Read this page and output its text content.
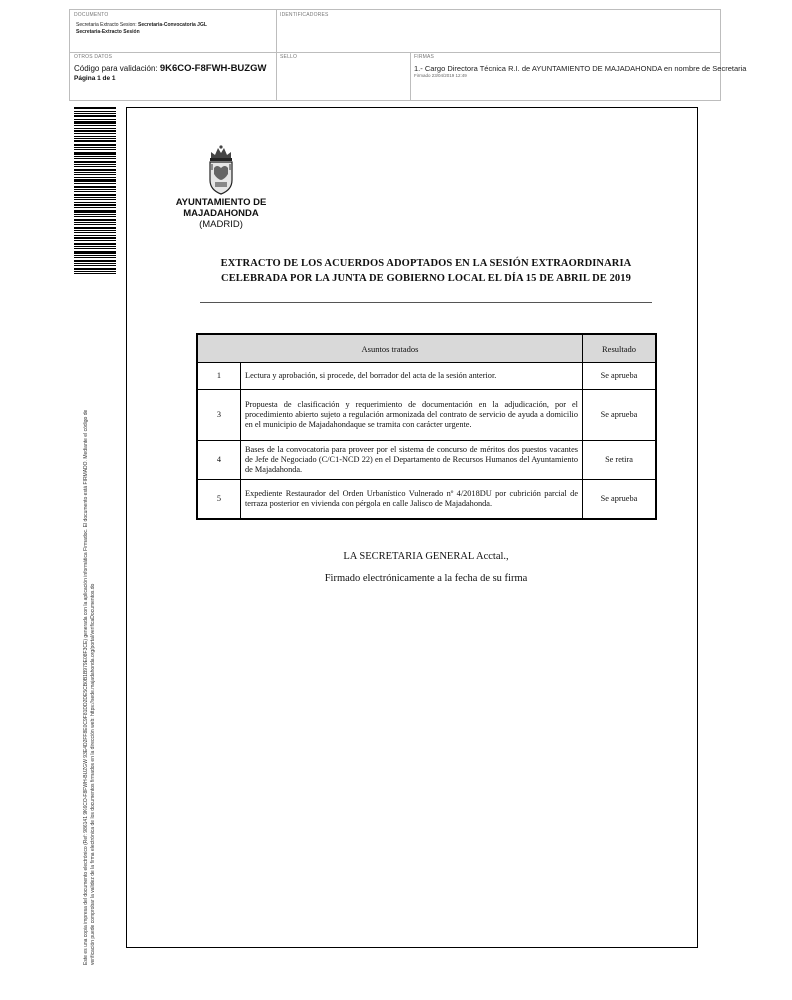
DOCUMENTO
Secretaria Extracto Sesion: Secretaria-Convocatoria JGL
Secretaria-Extracto Sesión
IDENTIFICADORES
OTROS DATOS
Código para validación: 9K6CO-F8FWH-BUZGW
Página 1 de 1
SELLO	FIRMAS
1.- Cargo Directora Técnica R.I. de AYUNTAMIENTO DE MAJADAHONDA en nombre de Secretaria
Firmado 23/04/2019 12:49
Este es una copia impresa del documento electrónico (Ref: 986141 9K6CO-F8FWH-BUZGW 93E4D2FF8E0C9F81DD2DE5CB0B1B979E08F3CE) generada con la aplicación informática Firmadoc. El documento está FIRMADO. Mediante el código de verificación puede comprobar la validez de la firma electrónica de los documentos firmados en la dirección web: https://sede.majadahonda.org/portal/verificaDocumentos.do
AYUNTAMIENTO DE
MAJADAHONDA
(MADRID)
EXTRACTO DE LOS ACUERDOS ADOPTADOS EN LA SESIÓN EXTRAORDINARIA
CELEBRADA POR LA JUNTA DE GOBIERNO LOCAL EL DÍA 15 DE ABRIL DE 2019
Asuntos tratados		Resultado
1	Lectura y aprobación, si procede, del borrador del acta de la sesión anterior.	Se aprueba
3	Propuesta de clasificación y requerimiento de documentación en la adjudicación, por el procedimiento abierto sujeto a regulación armonizada del contrato de servicio de ayuda a domicilio en el municipio de Majadahondaque se tramita con carácter urgente.	Se aprueba
4	Bases de la convocatoria para proveer por el sistema de concurso de méritos dos puestos vacantes de Jefe de Negociado (C/C1-NCD 22) en el Departamento de Recursos Humanos del Ayuntamiento de Majadahonda.	Se retira
5	Expediente Restaurador del Orden Urbanístico Vulnerado nº 4/2018DU por cubrición parcial de terraza posterior en vivienda con pérgola en calle Jalisco de Majadahonda.	Se aprueba
LA SECRETARIA GENERAL Acctal.,
Firmado electrónicamente a la fecha de su firma
